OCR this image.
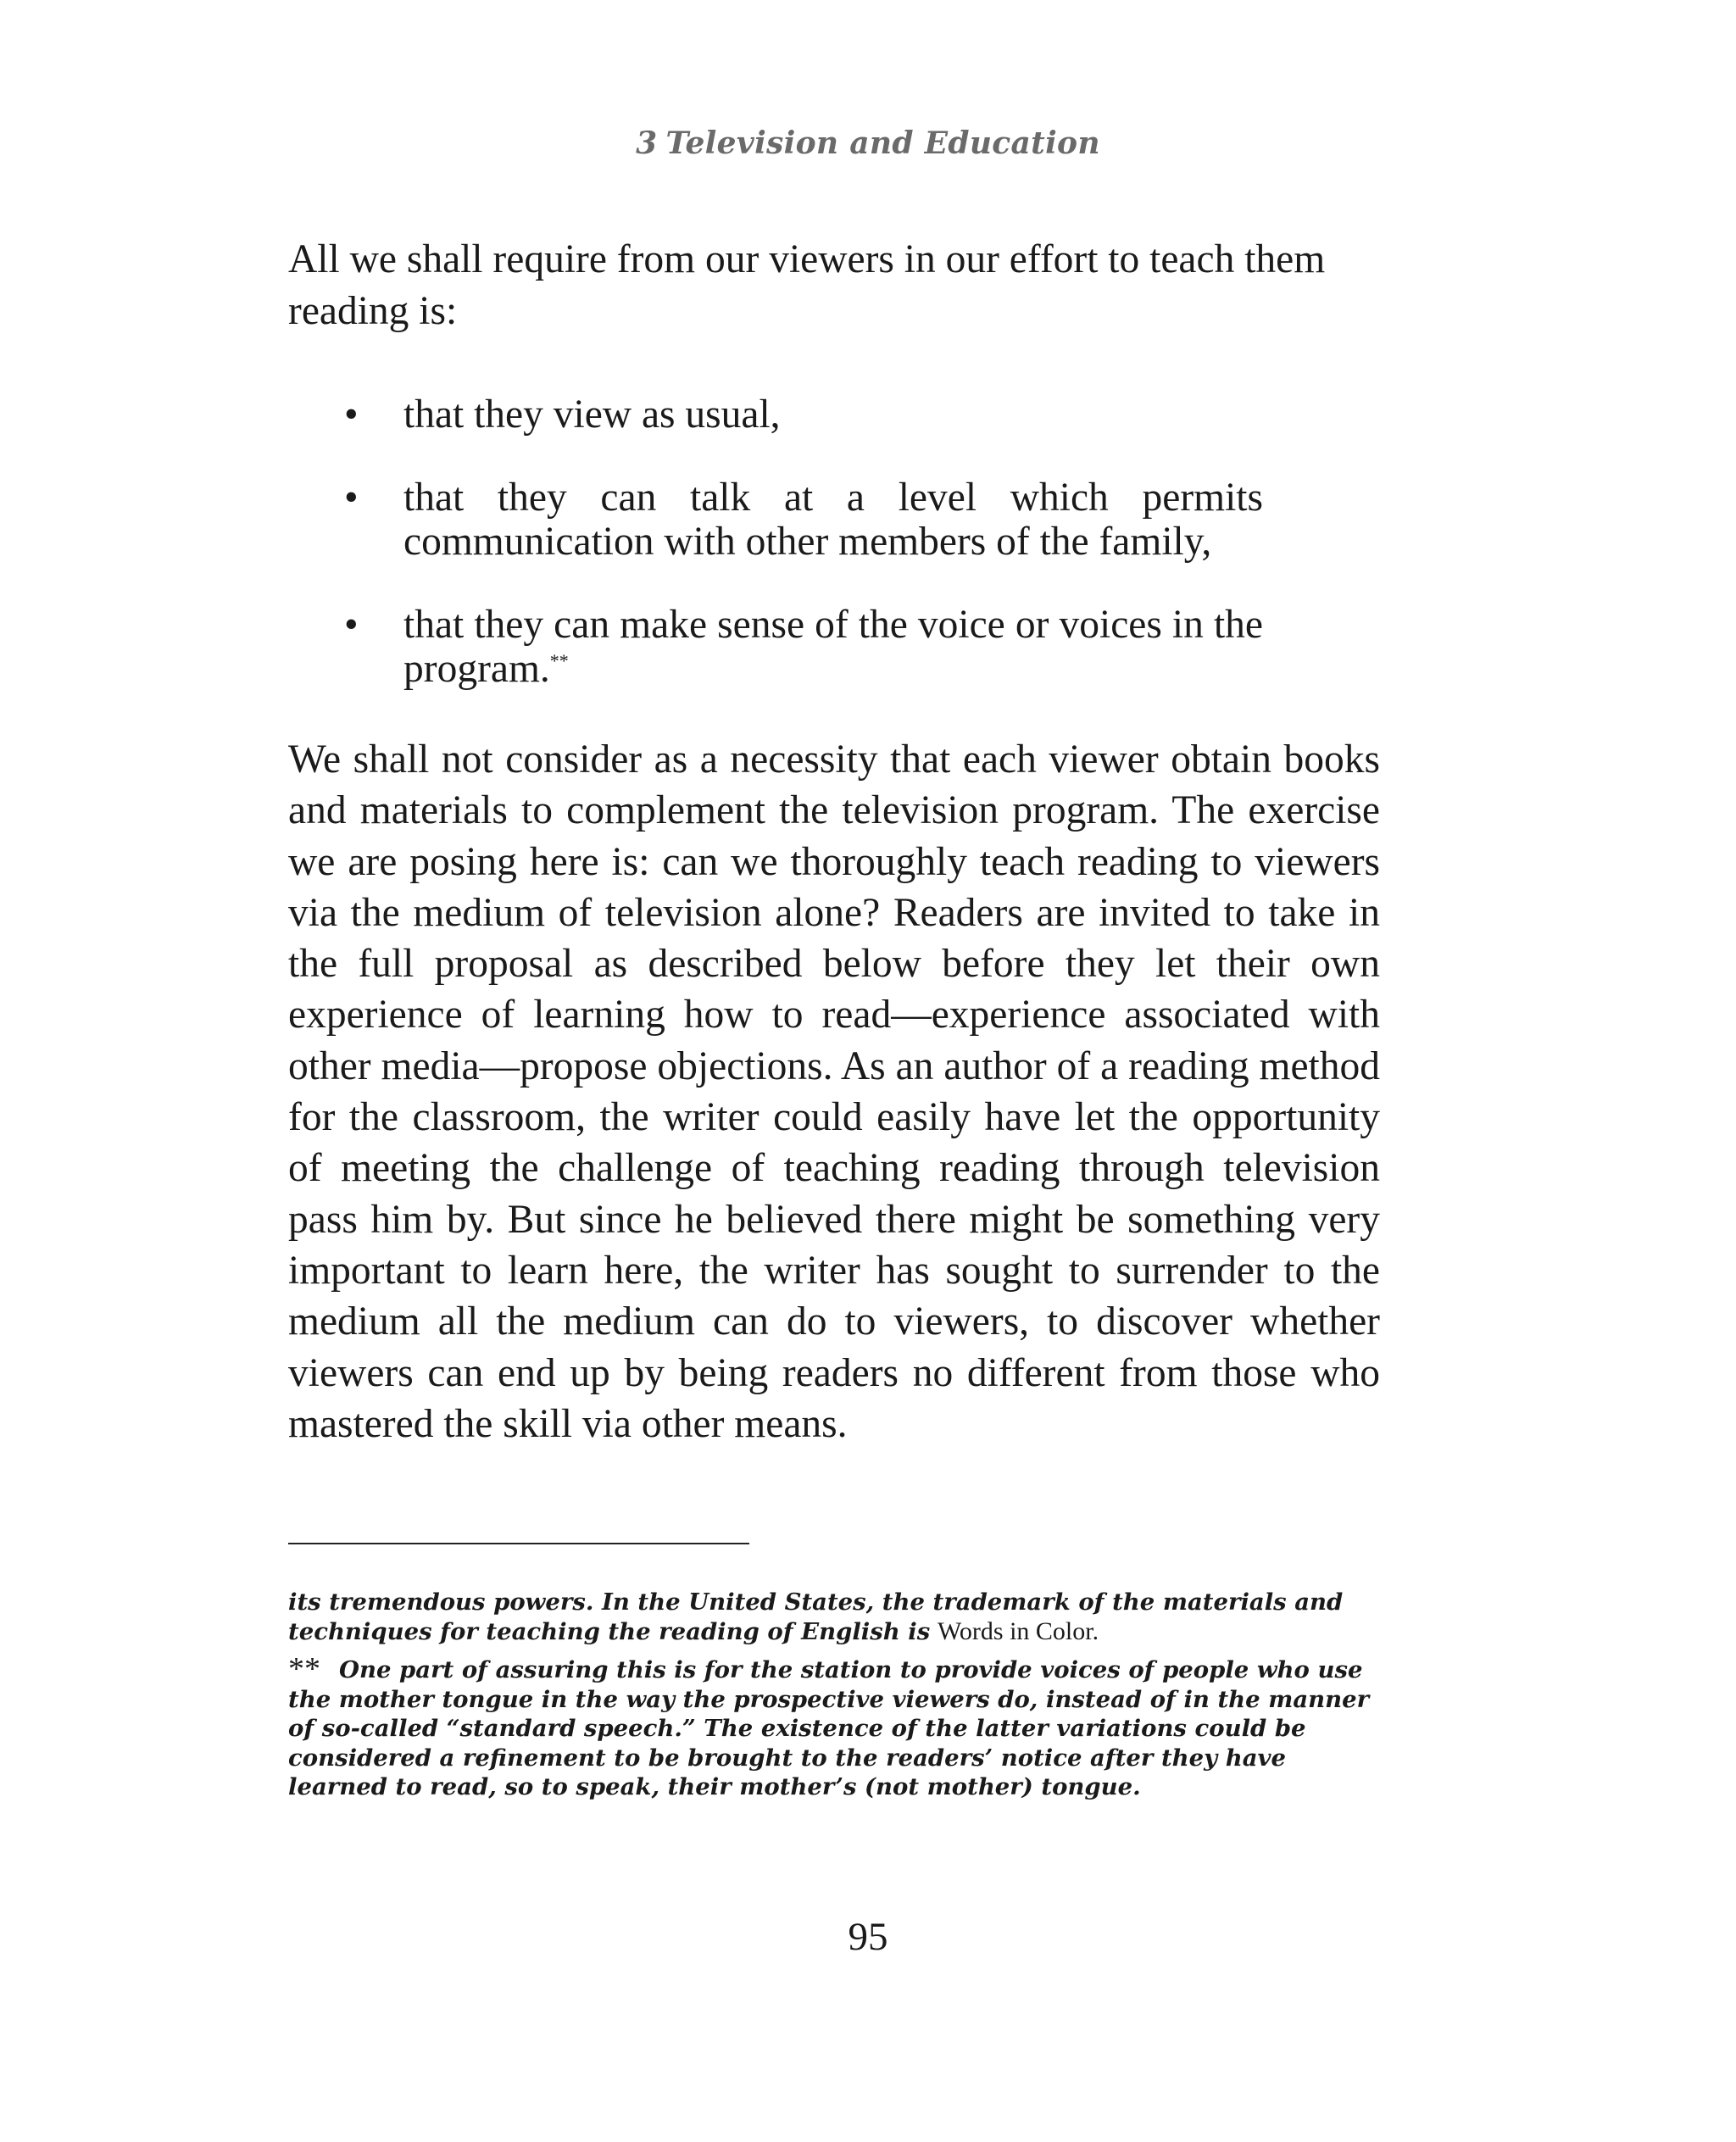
3 Television and Education
All we shall require from our viewers in our effort to teach them reading is:
• that they view as usual,
• that they can talk at a level which permits communication with other members of the family,
• that they can make sense of the voice or voices in the program.**
We shall not consider as a necessity that each viewer obtain books and materials to complement the television program. The exercise we are posing here is: can we thoroughly teach reading to viewers via the medium of television alone? Readers are invited to take in the full proposal as described below before they let their own experience of learning how to read—experience associated with other media—propose objections. As an author of a reading method for the classroom, the writer could easily have let the opportunity of meeting the challenge of teaching reading through television pass him by. But since he believed there might be something very important to learn here, the writer has sought to surrender to the medium all the medium can do to viewers, to discover whether viewers can end up by being readers no different from those who mastered the skill via other means.
its tremendous powers. In the United States, the trademark of the materials and techniques for teaching the reading of English is Words in Color.
** One part of assuring this is for the station to provide voices of people who use the mother tongue in the way the prospective viewers do, instead of in the manner of so-called “standard speech.” The existence of the latter variations could be considered a refinement to be brought to the readers’ notice after they have learned to read, so to speak, their mother’s (not mother) tongue.
95
